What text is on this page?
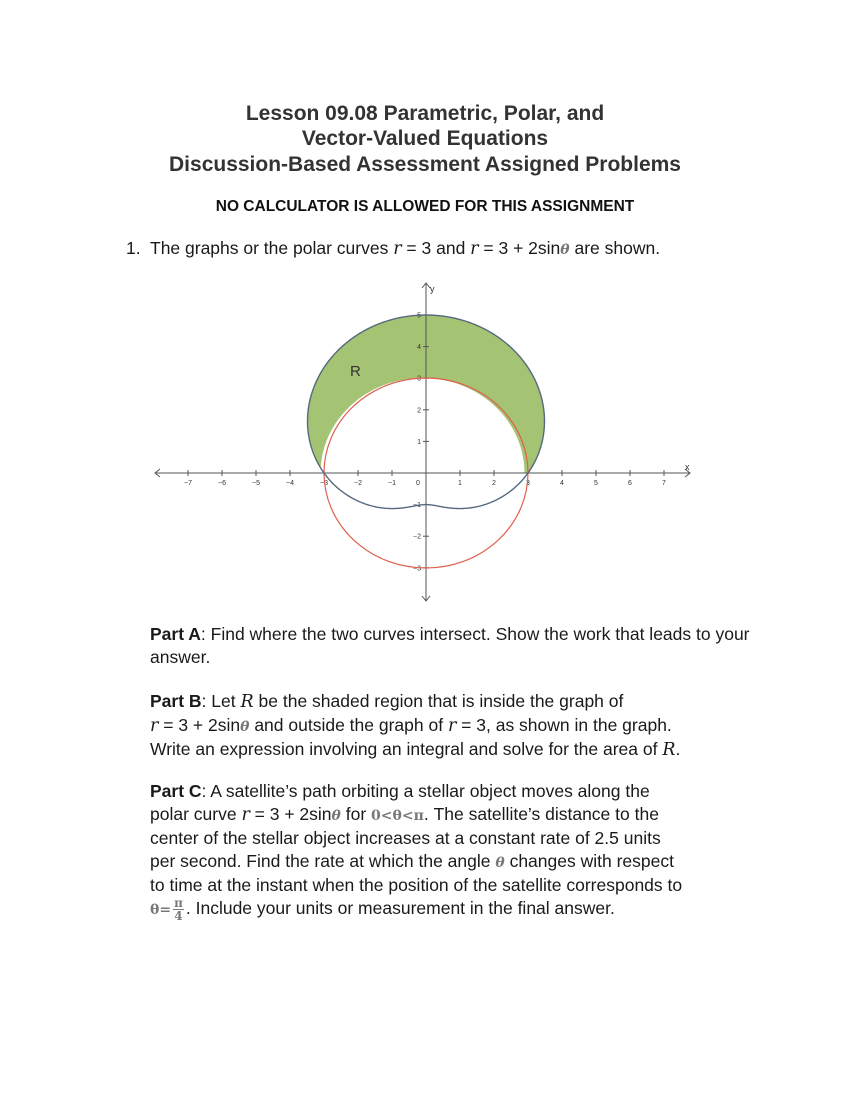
Lesson 09.08 Parametric, Polar, and
Vector-Valued Equations
Discussion-Based Assessment Assigned Problems
NO CALCULATOR IS ALLOWED FOR THIS ASSIGNMENT
1. The graphs or the polar curves r = 3 and r = 3 + 2sinθ are shown.
−7	−6	−5	−4	−3	−2	−1	0	1	2	3	4	5	6	7
5
4
3
2
1
−1
−2
−3
x
y
R
Part A: Find where the two curves intersect. Show the work that leads to your answer.
Part B: Let R be the shaded region that is inside the graph of
r = 3 + 2sinθ and outside the graph of r = 3, as shown in the graph.
Write an expression involving an integral and solve for the area of R.
Part C: A satellite’s path orbiting a stellar object moves along the
polar curve r = 3 + 2sinθ for 0<θ<π. The satellite’s distance to the
center of the stellar object increases at a constant rate of 2.5 units
per second. Find the rate at which the angle θ changes with respect
to time at the instant when the position of the satellite corresponds to
$\theta= \frac{\pi}{4}$ . Include your units or measurement in the final answer.
